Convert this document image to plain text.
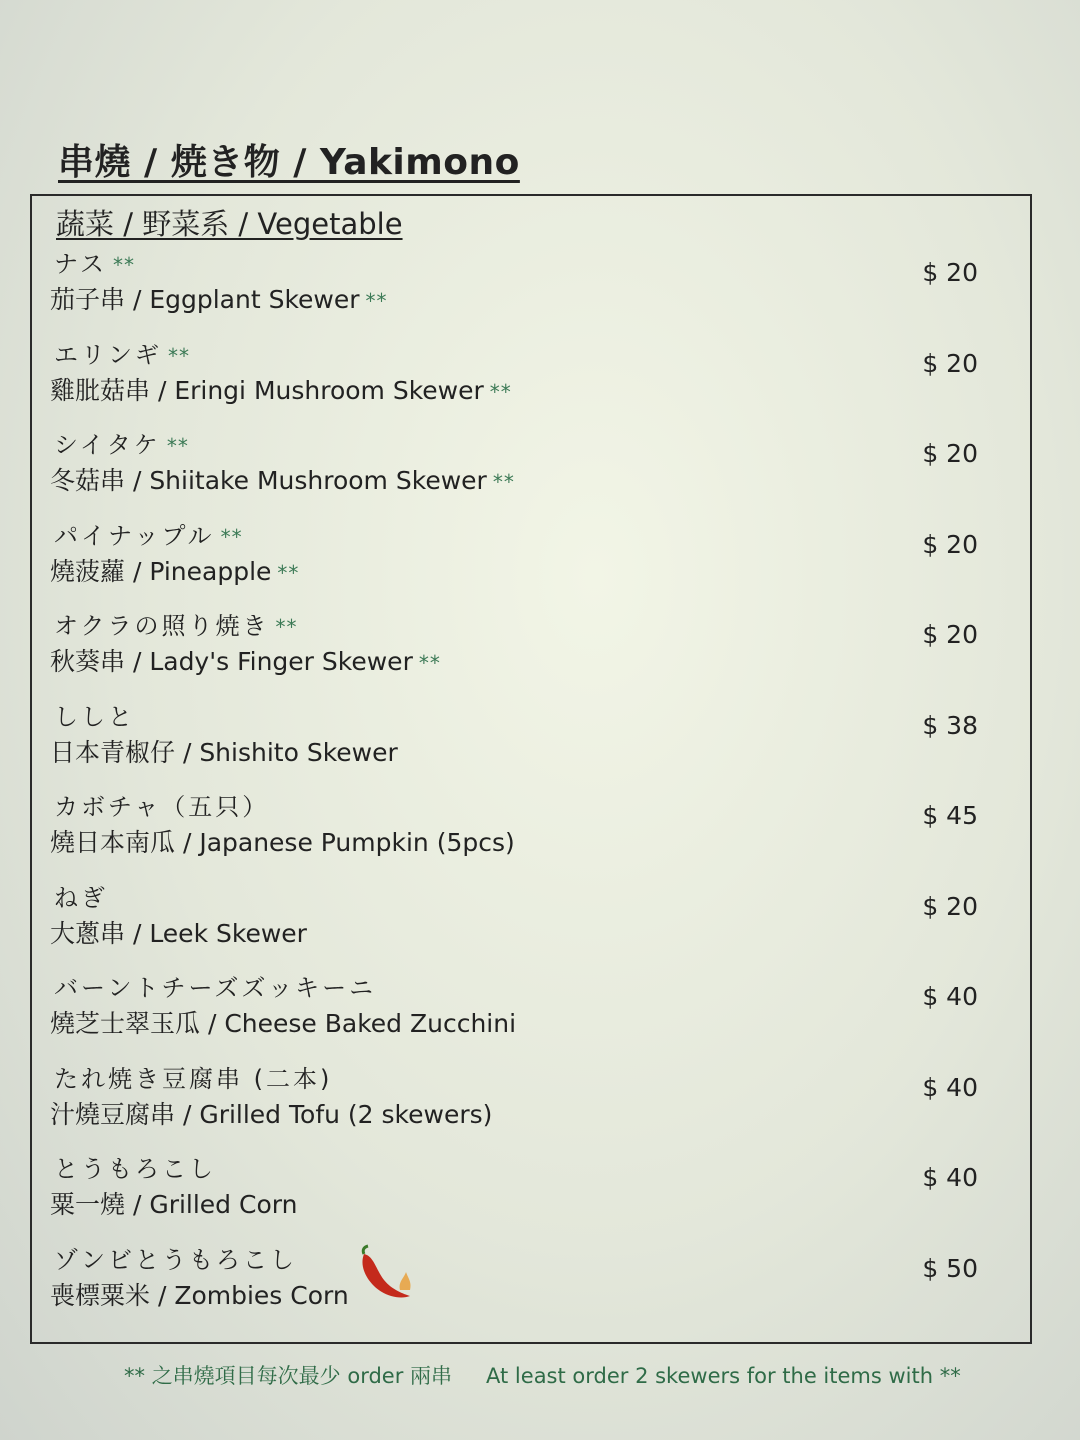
串燒 / 焼き物 / Yakimono
蔬菜 / 野菜系 / Vegetable
ナス **
茄子串 / Eggplant Skewer **
$ 20
エリンギ **
雞肶菇串 / Eringi Mushroom Skewer **
$ 20
シイタケ **
冬菇串 / Shiitake Mushroom Skewer **
$ 20
パイナップル **
燒菠蘿 / Pineapple **
$ 20
オクラの照り焼き **
秋葵串 / Lady's Finger Skewer **
$ 20
ししと
日本青椒仔 / Shishito Skewer
$ 38
カボチャ（五只）
燒日本南瓜 / Japanese Pumpkin (5pcs)
$ 45
ねぎ
大蔥串 / Leek Skewer
$ 20
バーントチーズズッキーニ
燒芝士翠玉瓜 / Cheese Baked Zucchini
$ 40
たれ焼き豆腐串 (二本)
汁燒豆腐串 / Grilled Tofu (2 skewers)
$ 40
とうもろこし
粟一燒 / Grilled Corn
$ 40
ゾンビとうもろこし
喪標粟米 / Zombies Corn
$ 50
** 之串燒項目每次最少 order 兩串 At least order 2 skewers for the items with **
